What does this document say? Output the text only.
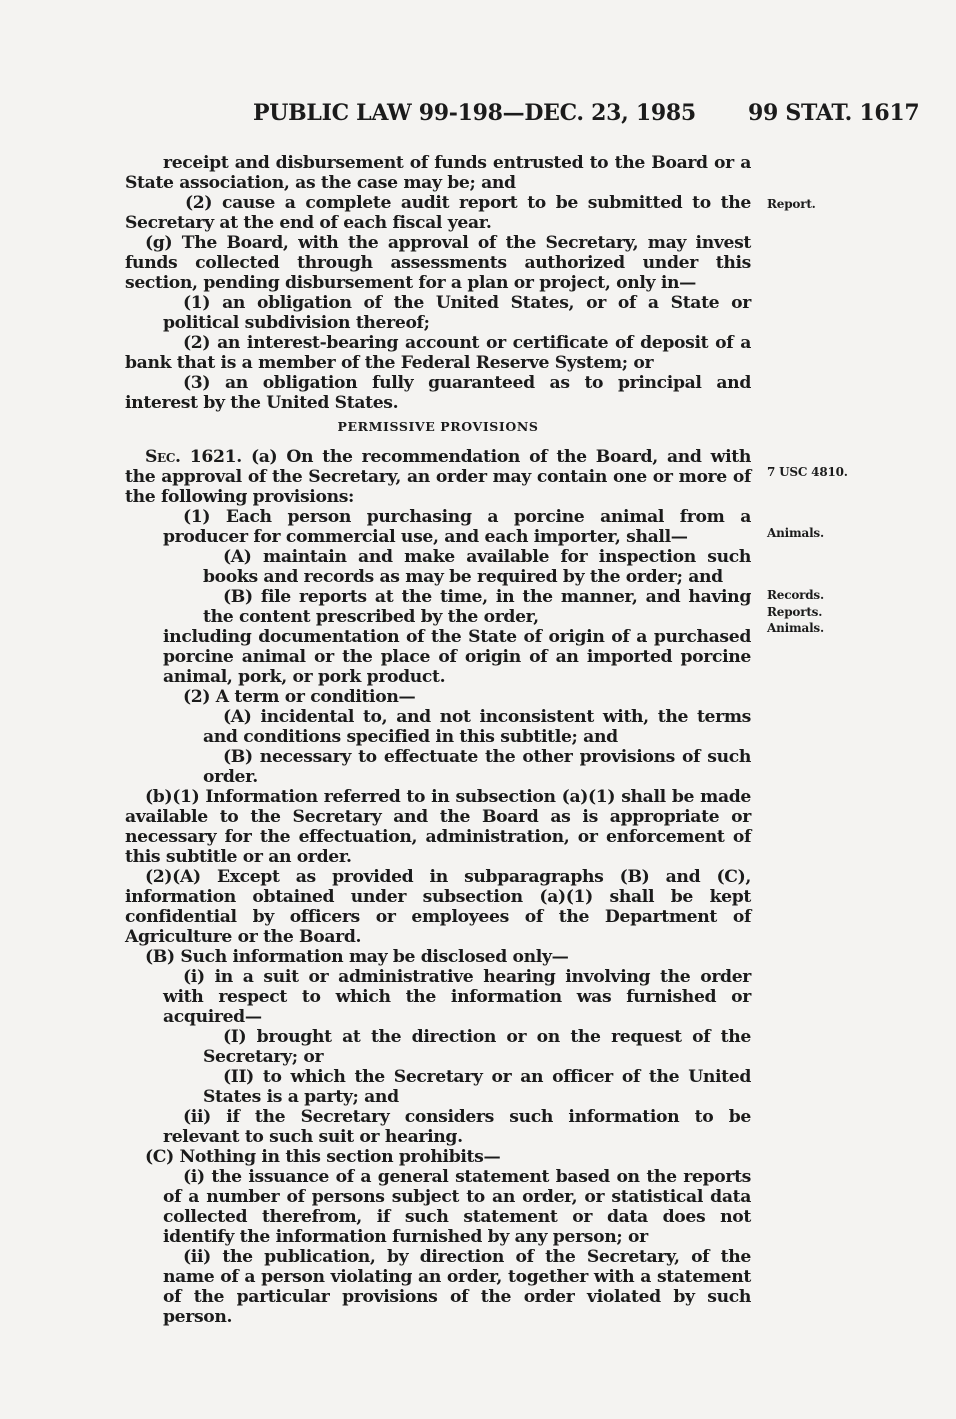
PUBLIC LAW 99-198—DEC. 23, 1985 99 STAT. 1617
Report.
7 USC 4810.
Animals.
Records.
Reports.
Animals.

receipt and disbursement of funds entrusted to the Board or a State association, as the case may be; and

(2) cause a complete audit report to be submitted to the Secretary at the end of each fiscal year.

(g) The Board, with the approval of the Secretary, may invest funds collected through assessments authorized under this section, pending disbursement for a plan or project, only in—

(1) an obligation of the United States, or of a State or political subdivision thereof;

(2) an interest-bearing account or certificate of deposit of a bank that is a member of the Federal Reserve System; or

(3) an obligation fully guaranteed as to principal and interest by the United States.

PERMISSIVE PROVISIONS

Sec. 1621. (a) On the recommendation of the Board, and with the approval of the Secretary, an order may contain one or more of the following provisions:

(1) Each person purchasing a porcine animal from a producer for commercial use, and each importer, shall—

(A) maintain and make available for inspection such books and records as may be required by the order; and

(B) file reports at the time, in the manner, and having the content prescribed by the order,

including documentation of the State of origin of a purchased porcine animal or the place of origin of an imported porcine animal, pork, or pork product.

(2) A term or condition—

(A) incidental to, and not inconsistent with, the terms and conditions specified in this subtitle; and

(B) necessary to effectuate the other provisions of such order.

(b)(1) Information referred to in subsection (a)(1) shall be made available to the Secretary and the Board as is appropriate or necessary for the effectuation, administration, or enforcement of this subtitle or an order.

(2)(A) Except as provided in subparagraphs (B) and (C), information obtained under subsection (a)(1) shall be kept confidential by officers or employees of the Department of Agriculture or the Board.

(B) Such information may be disclosed only—

(i) in a suit or administrative hearing involving the order with respect to which the information was furnished or acquired—

(I) brought at the direction or on the request of the Secretary; or

(II) to which the Secretary or an officer of the United States is a party; and

(ii) if the Secretary considers such information to be relevant to such suit or hearing.

(C) Nothing in this section prohibits—

(i) the issuance of a general statement based on the reports of a number of persons subject to an order, or statistical data collected therefrom, if such statement or data does not identify the information furnished by any person; or

(ii) the publication, by direction of the Secretary, of the name of a person violating an order, together with a statement of the particular provisions of the order violated by such person.
